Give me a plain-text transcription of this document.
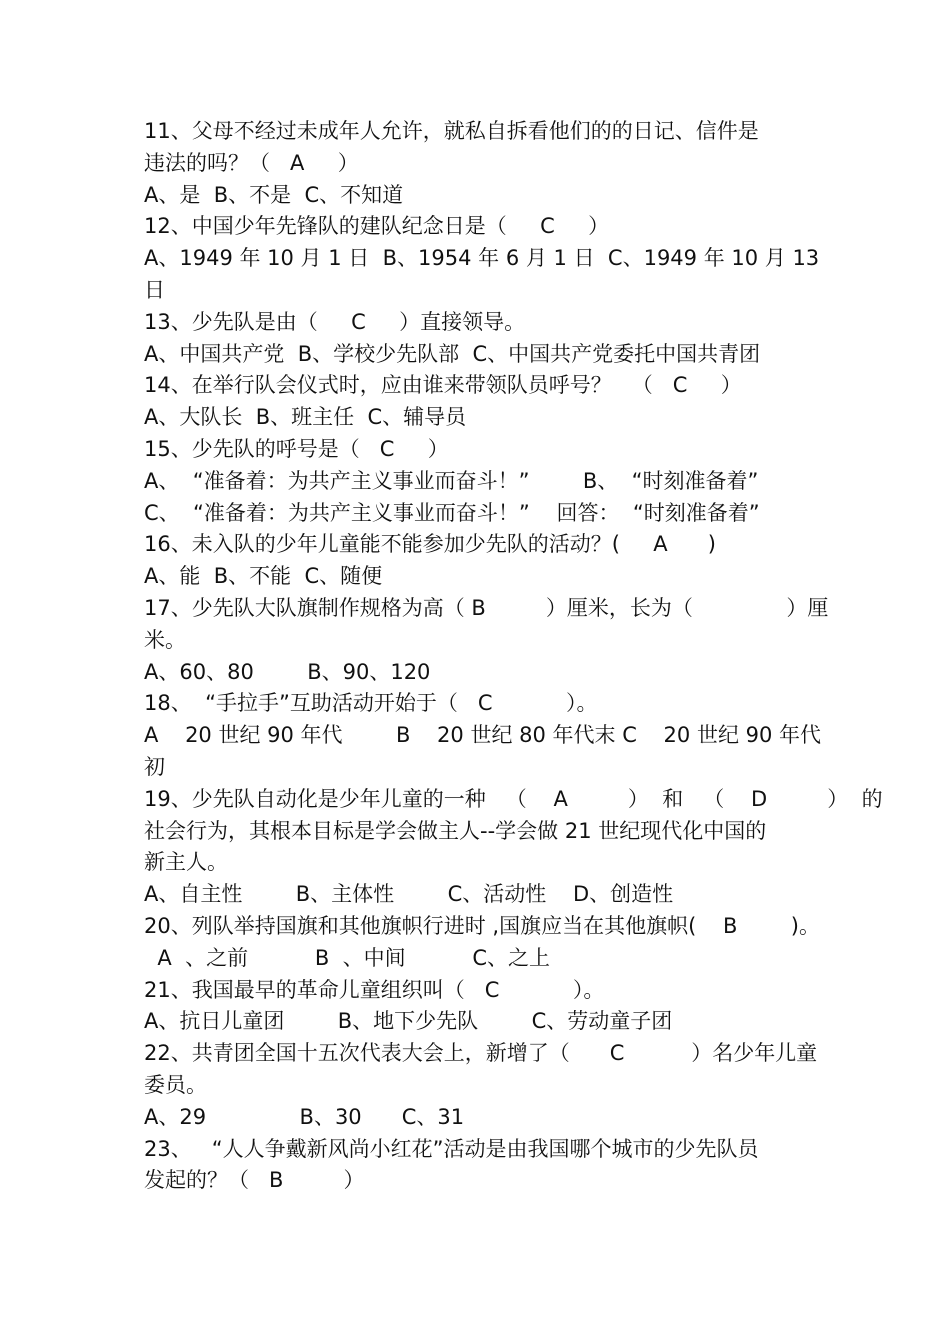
11、父母不经过未成年人允许，就私自拆看他们的的日记、信件是
违法的吗？（   A     ）
A、是  B、不是  C、不知道
12、中国少年先锋队的建队纪念日是（     C     ）
A、1949 年 10 月 1 日  B、1954 年 6 月 1 日  C、1949 年 10 月 13
日
13、少先队是由（     C     ）直接领导。
A、中国共产党  B、学校少先队部  C、中国共产党委托中国共青团
14、在举行队会仪式时，应由谁来带领队员呼号？   （   C     ）
A、大队长  B、班主任  C、辅导员
15、少先队的呼号是（   C     ）
A、  “准备着：为共产主义事业而奋斗！”        B、  “时刻准备着”
C、  “准备着：为共产主义事业而奋斗！”    回答：  “时刻准备着”
16、未入队的少年儿童能不能参加少先队的活动？(     A      )
A、能  B、不能  C、随便
17、少先队大队旗制作规格为高（ B         ）厘米，长为（              ）厘
米。
A、60、80        B、90、120
18、  “手拉手”互助活动开始于（   C           ）。
A    20 世纪 90 年代        B    20 世纪 80 年代末 C    20 世纪 90 年代
初
19、少先队自动化是少年儿童的一种   （    A         ）  和   （    D         ）  的
社会行为，其根本目标是学会做主人--学会做 21 世纪现代化中国的
新主人。
A、自主性        B、主体性        C、活动性    D、创造性
20、列队举持国旗和其他旗帜行进时 ,国旗应当在其他旗帜(    B        )。
A  、之前          B  、中间          C、之上
21、我国最早的革命儿童组织叫（   C           ）。
A、抗日儿童团        B、地下少先队        C、劳动童子团
22、共青团全国十五次代表大会上，新增了（      C          ）名少年儿童
委员。
A、29              B、30      C、31
23、   “人人争戴新风尚小红花”活动是由我国哪个城市的少先队员
发起的？（   B         ）
